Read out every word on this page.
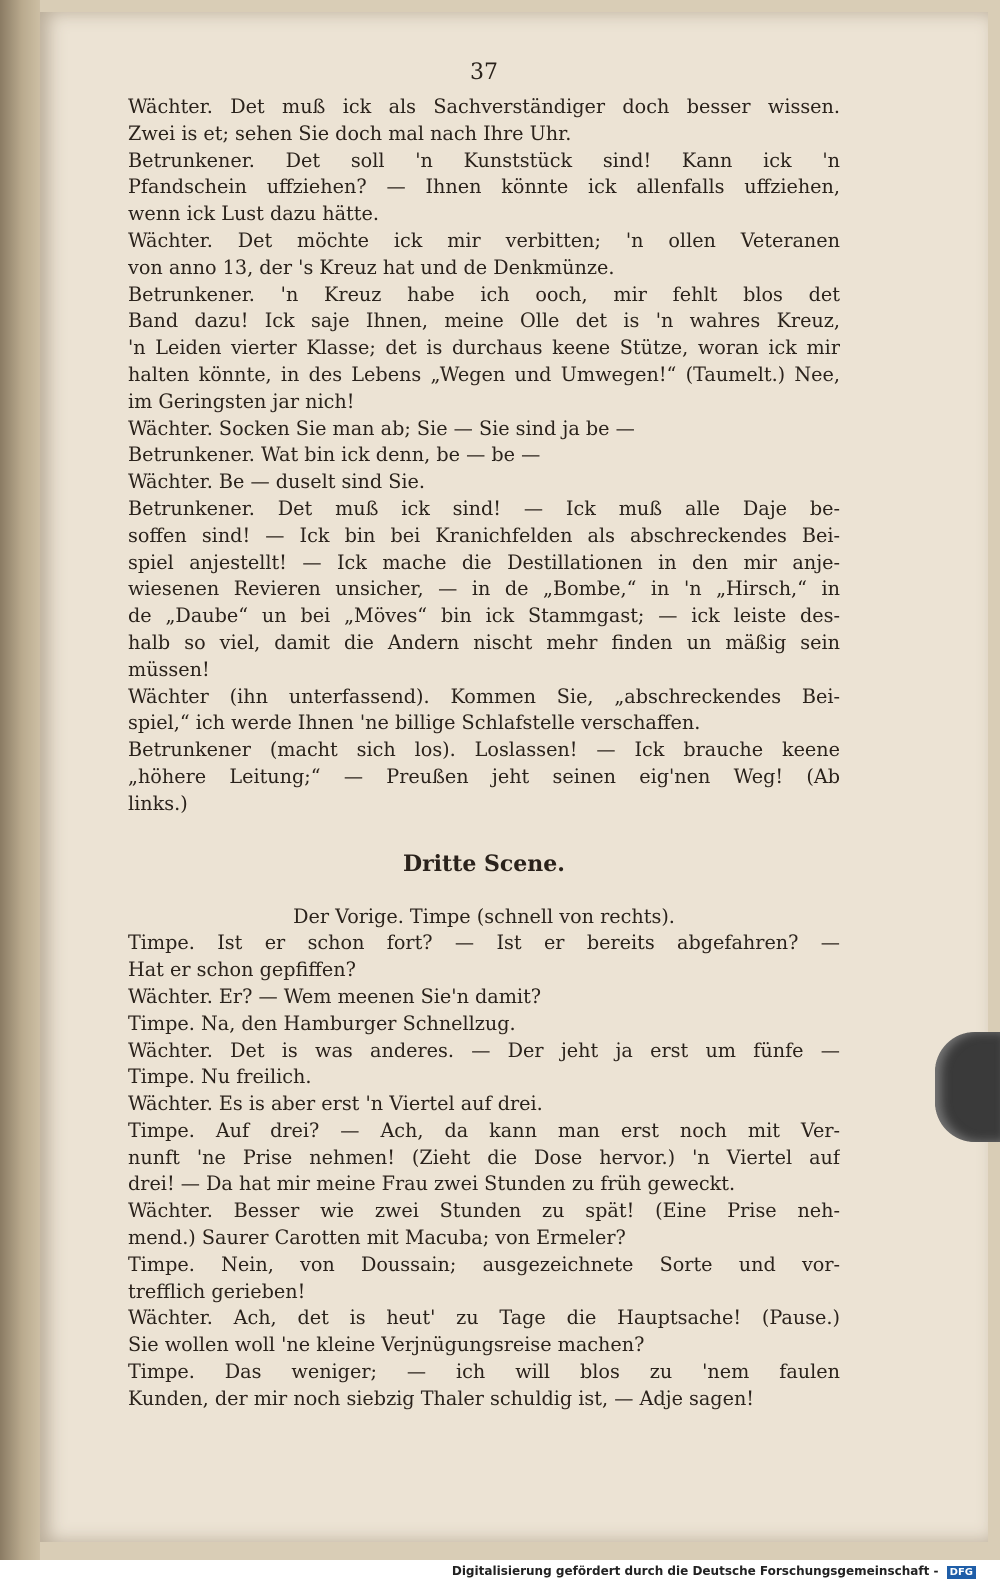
37
Wächter. Det muß ick als Sachverständiger doch besser wissen.
Zwei is et; sehen Sie doch mal nach Ihre Uhr.
Betrunkener. Det soll 'n Kunststück sind! Kann ick 'n
Pfandschein uffziehen? — Ihnen könnte ick allenfalls uffziehen,
wenn ick Lust dazu hätte.
Wächter. Det möchte ick mir verbitten; 'n ollen Veteranen
von anno 13, der 's Kreuz hat und de Denkmünze.
Betrunkener. 'n Kreuz habe ich ooch, mir fehlt blos det
Band dazu! Ick saje Ihnen, meine Olle det is 'n wahres Kreuz,
'n Leiden vierter Klasse; det is durchaus keene Stütze, woran ick mir
halten könnte, in des Lebens „Wegen und Umwegen!“ (Taumelt.) Nee,
im Geringsten jar nich!
Wächter. Socken Sie man ab; Sie — Sie sind ja be —
Betrunkener. Wat bin ick denn, be — be —
Wächter. Be — duselt sind Sie.
Betrunkener. Det muß ick sind! — Ick muß alle Daje be-
soffen sind! — Ick bin bei Kranichfelden als abschreckendes Bei-
spiel anjestellt! — Ick mache die Destillationen in den mir anje-
wiesenen Revieren unsicher, — in de „Bombe,“ in 'n „Hirsch,“ in
de „Daube“ un bei „Möves“ bin ick Stammgast; — ick leiste des-
halb so viel, damit die Andern nischt mehr finden un mäßig sein
müssen!
Wächter (ihn unterfassend). Kommen Sie, „abschreckendes Bei-
spiel,“ ich werde Ihnen 'ne billige Schlafstelle verschaffen.
Betrunkener (macht sich los). Loslassen! — Ick brauche keene
„höhere Leitung;“ — Preußen jeht seinen eig'nen Weg! (Ab
links.)
Dritte Scene.
Der Vorige. Timpe (schnell von rechts).
Timpe. Ist er schon fort? — Ist er bereits abgefahren? —
Hat er schon gepfiffen?
Wächter. Er? — Wem meenen Sie'n damit?
Timpe. Na, den Hamburger Schnellzug.
Wächter. Det is was anderes. — Der jeht ja erst um fünfe —
Timpe. Nu freilich.
Wächter. Es is aber erst 'n Viertel auf drei.
Timpe. Auf drei? — Ach, da kann man erst noch mit Ver-
nunft 'ne Prise nehmen! (Zieht die Dose hervor.) 'n Viertel auf
drei! — Da hat mir meine Frau zwei Stunden zu früh geweckt.
Wächter. Besser wie zwei Stunden zu spät! (Eine Prise neh-
mend.) Saurer Carotten mit Macuba; von Ermeler?
Timpe. Nein, von Doussain; ausgezeichnete Sorte und vor-
trefflich gerieben!
Wächter. Ach, det is heut' zu Tage die Hauptsache! (Pause.)
Sie wollen woll 'ne kleine Verjnügungsreise machen?
Timpe. Das weniger; — ich will blos zu 'nem faulen
Kunden, der mir noch siebzig Thaler schuldig ist, — Adje sagen!
Digitalisierung gefördert durch die Deutsche Forschungsgemeinschaft - DFG
